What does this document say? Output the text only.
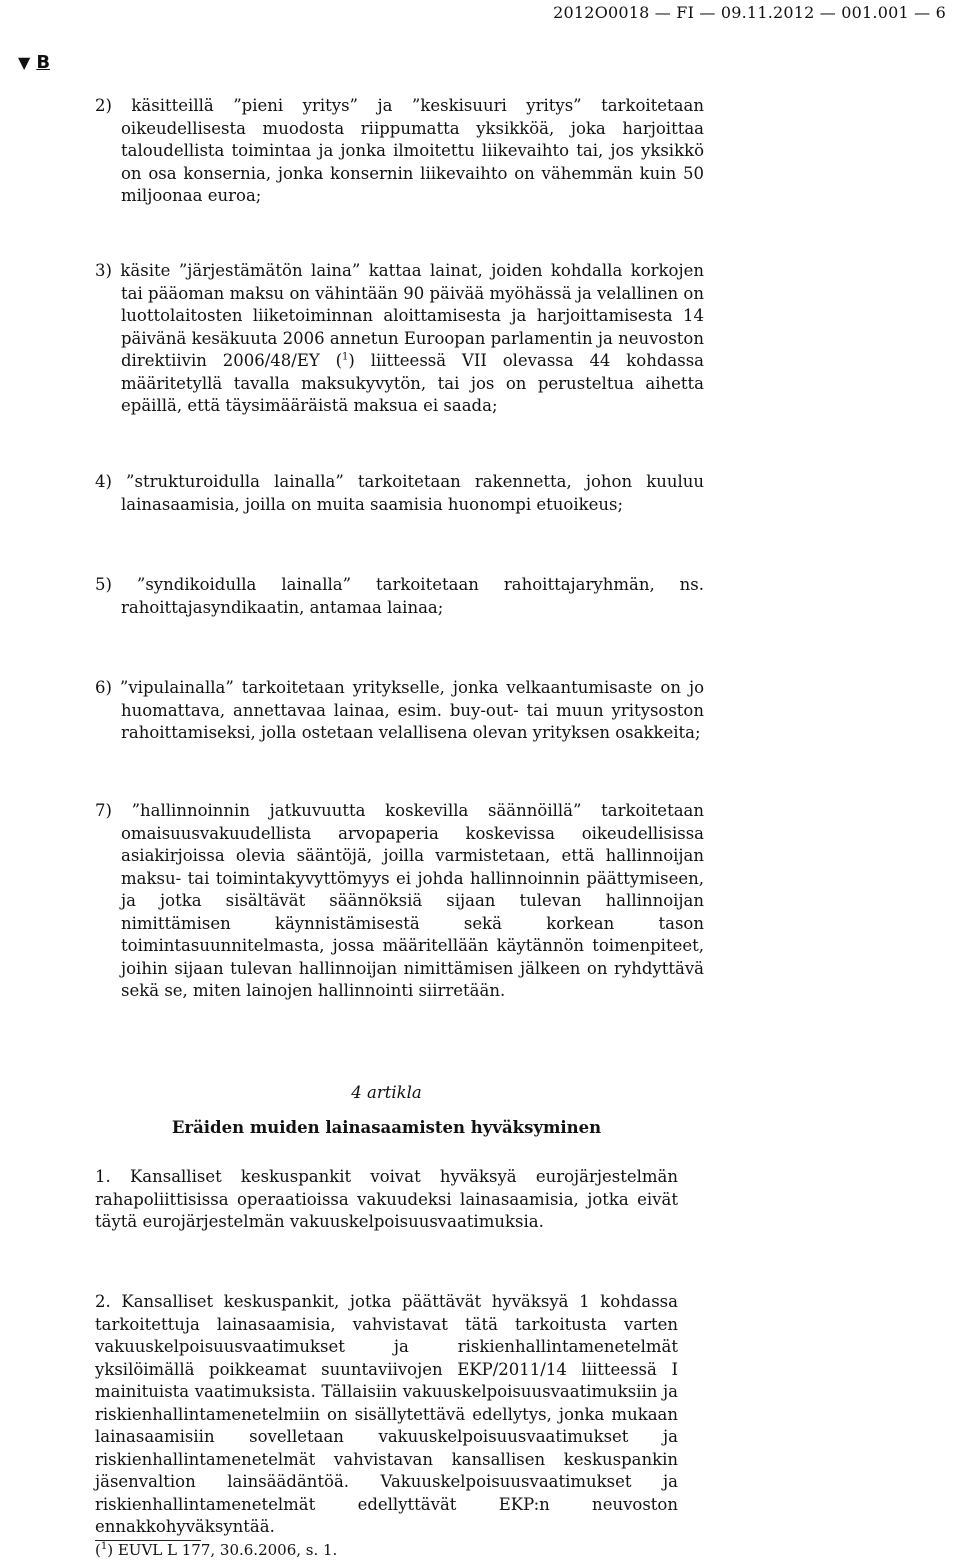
2012O0018 — FI — 09.11.2012 — 001.001 — 6
▼ B
2) käsitteillä ”pieni yritys” ja ”keskisuuri yritys” tarkoitetaan oikeudellisesta muodosta riippumatta yksikköä, joka harjoittaa taloudellista toimintaa ja jonka ilmoitettu liikevaihto tai, jos yksikkö on osa konsernia, jonka konsernin liikevaihto on vähemmän kuin 50 miljoonaa euroa;
3) käsite ”järjestämätön laina” kattaa lainat, joiden kohdalla korkojen tai pääoman maksu on vähintään 90 päivää myöhässä ja velallinen on luottolaitosten liiketoiminnan aloittamisesta ja harjoittamisesta 14 päivänä kesäkuuta 2006 annetun Euroopan parlamentin ja neuvoston direktiivin 2006/48/EY ($^1$) liitteessä VII olevassa 44 kohdassa määritetyllä tavalla maksukyvytön, tai jos on perusteltua aihetta epäillä, että täysimääräistä maksua ei saada;
4) ”strukturoidulla lainalla” tarkoitetaan rakennetta, johon kuuluu lainasaamisia, joilla on muita saamisia huonompi etuoikeus;
5) ”syndikoidulla lainalla” tarkoitetaan rahoittajaryhmän, ns. rahoittajasyndikaatin, antamaa lainaa;
6) ”vipulainalla” tarkoitetaan yritykselle, jonka velkaantumisaste on jo huomattava, annettavaa lainaa, esim. buy-out- tai muun yritysoston rahoittamiseksi, jolla ostetaan velallisena olevan yrityksen osakkeita;
7) ”hallinnoinnin jatkuvuutta koskevilla säännöillä” tarkoitetaan omaisuusvakuudellista arvopaperia koskevissa oikeudellisissa asiakirjoissa olevia sääntöjä, joilla varmistetaan, että hallinnoijan maksu- tai toimintakyvyttömyys ei johda hallinnoinnin päättymiseen, ja jotka sisältävät säännöksiä sijaan tulevan hallinnoijan nimittämisen käynnistämisestä sekä korkean tason toimintasuunnitelmasta, jossa määritellään käytännön toimenpiteet, joihin sijaan tulevan hallinnoijan nimittämisen jälkeen on ryhdyttävä sekä se, miten lainojen hallinnointi siirretään.
4 artikla
Eräiden muiden lainasaamisten hyväksyminen
1. Kansalliset keskuspankit voivat hyväksyä eurojärjestelmän rahapoliittisissa operaatioissa vakuudeksi lainasaamisia, jotka eivät täytä eurojärjestelmän vakuuskelpoisuusvaatimuksia.
2. Kansalliset keskuspankit, jotka päättävät hyväksyä 1 kohdassa tarkoitettuja lainasaamisia, vahvistavat tätä tarkoitusta varten vakuuskelpoisuusvaatimukset ja riskienhallintamenetelmät yksilöimällä poikkeamat suuntaviivojen EKP/2011/14 liitteessä I mainituista vaatimuksista. Tällaisiin vakuuskelpoisuusvaatimuksiin ja riskienhallintamenetelmiin on sisällytettävä edellytys, jonka mukaan lainasaamisiin sovelletaan vakuuskelpoisuusvaatimukset ja riskienhallintamenetelmät vahvistavan kansallisen keskuspankin jäsenvaltion lainsäädäntöä. Vakuuskelpoisuusvaatimukset ja riskienhallintamenetelmät edellyttävät EKP:n neuvoston ennakkohyväksyntää.
($^1$) EUVL L 177, 30.6.2006, s. 1.
